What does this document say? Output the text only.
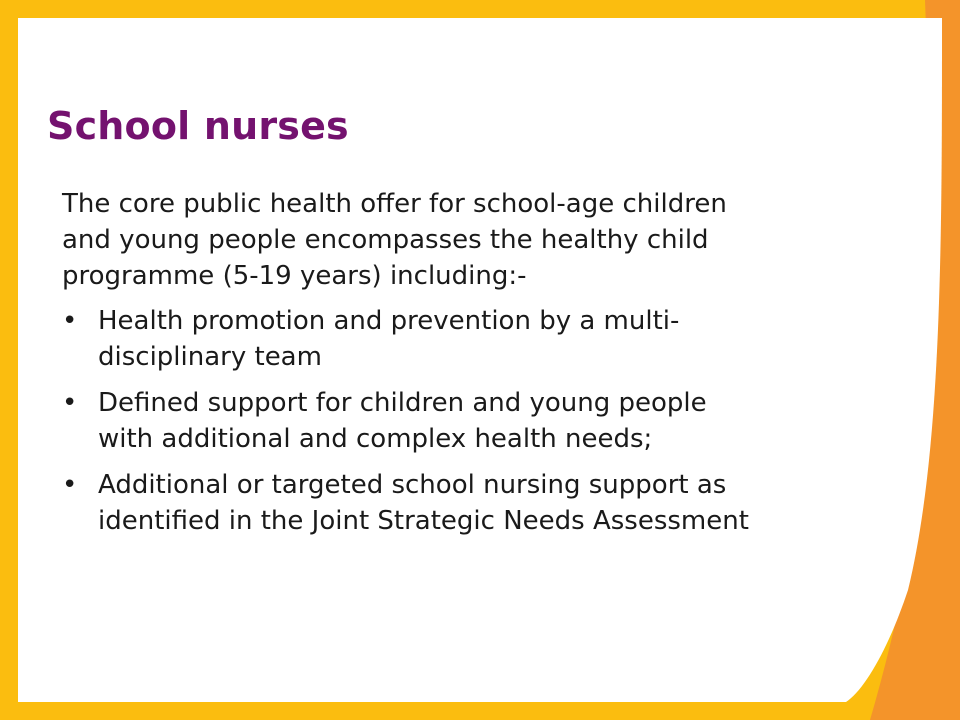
School nurses

The core public health offer for school-age children and young people encompasses the healthy child programme (5-19 years) including:-

• Health promotion and prevention by a multi-disciplinary team
• Defined support for children and young people with additional and complex health needs;
• Additional or targeted school nursing support as identified in the Joint Strategic Needs Assessment
